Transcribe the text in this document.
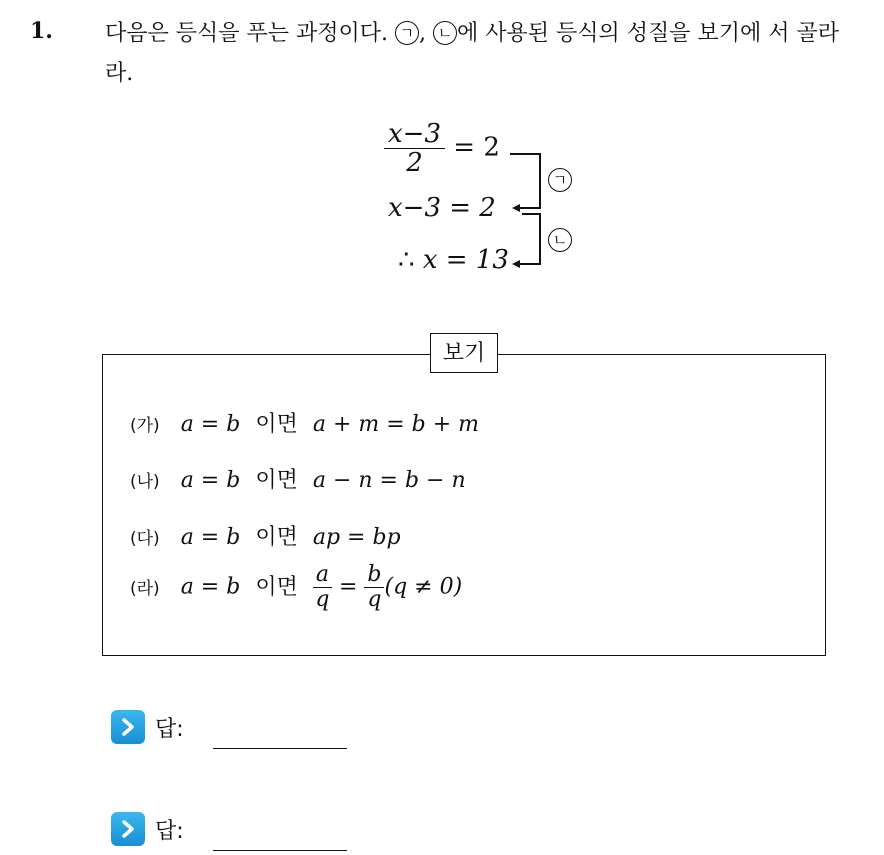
1. 다음은 등식을 푸는 과정이다. ㄱ , ㄴ 에 사용된 등식의 성질을 보기에 서 골라라.
$\frac{x-3}{2} = 2$
x−3 = 2
∴ x = 13
ㄱ
ㄴ
보기
(가) a = b 이면 a + m = b + m
(나) a = b 이면 a − n = b − n
(다) a = b 이면 ap = bp
(라) a = b 이면 $\frac{a}{q} = \frac{b}{q} (q \ne 0)$
답:
답:
